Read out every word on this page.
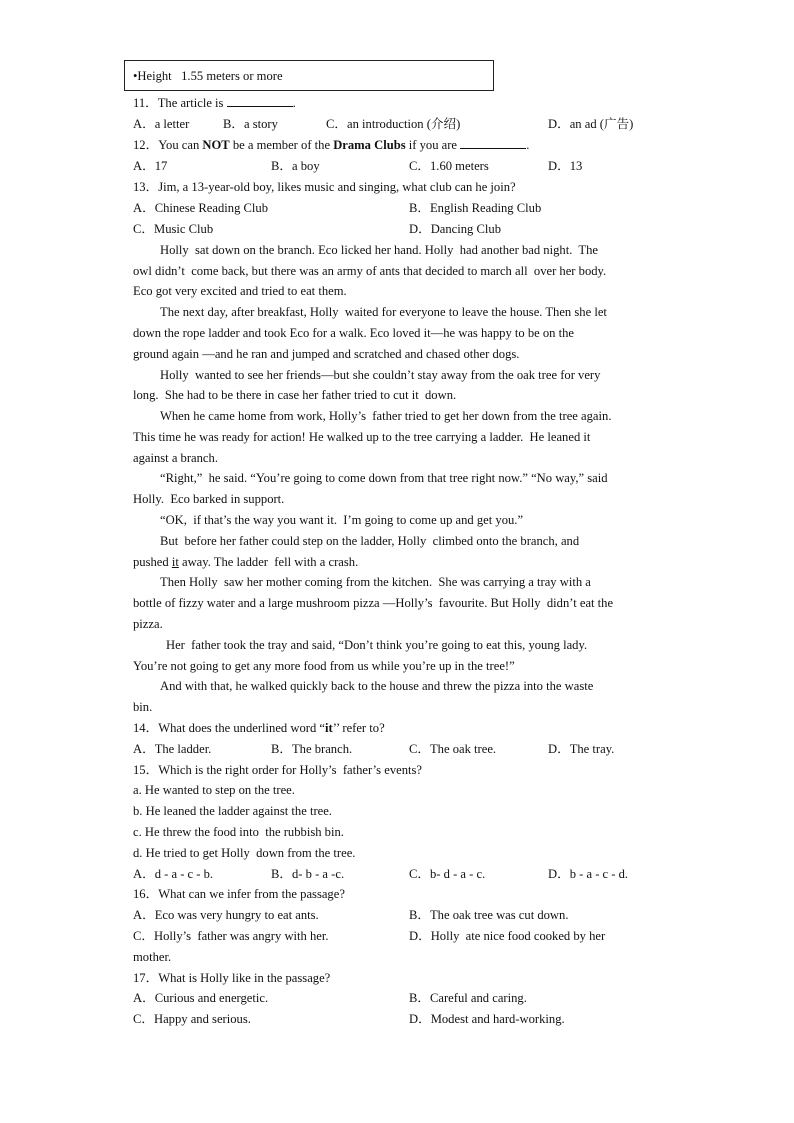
•Height   1.55 meters or more
11．The article is	.
A．a letter	B．a story	C．an introduction (介绍)	D．an ad (广告)
12．You can NOT be a member of the Drama Clubs if you are	.
A．17	B．a boy	C．1.60 meters	D．13
13．Jim, a 13-year-old boy, likes music and singing, what club can he join?
A．Chinese Reading Club	B．English Reading Club
C．Music Club	D．Dancing Club
Holly  sat down on the branch. Eco licked her hand. Holly  had another bad night.  The
owl didn’t  come back, but there was an army of ants that decided to march all  over her body.
Eco got very excited and tried to eat them.
The next day, after breakfast, Holly  waited for everyone to leave the house. Then she let
down the rope ladder and took Eco for a walk. Eco loved it—he was happy to be on the
ground again —and he ran and jumped and scratched and chased other dogs.
Holly  wanted to see her friends—but she couldn’t stay away from the oak tree for very
long.  She had to be there in case her father tried to cut it  down.
When he came home from work, Holly’s  father tried to get her down from the tree again.
This time he was ready for action! He walked up to the tree carrying a ladder.  He leaned it
against a branch.
“Right,”  he said. “You’re going to come down from that tree right now.” “No way,” said
Holly.  Eco barked in support.
“OK,  if that’s the way you want it.  I’m going to come up and get you.”
But  before her father could step on the ladder, Holly  climbed onto the branch, and
pushed it away. The ladder  fell with a crash.
Then Holly  saw her mother coming from the kitchen.  She was carrying a tray with a
bottle of fizzy water and a large mushroom pizza —Holly’s  favourite. But Holly  didn’t eat the
pizza.
Her  father took the tray and said, “Don’t think you’re going to eat this, young lady.
You’re not going to get any more food from us while you’re up in the tree!”
And with that, he walked quickly back to the house and threw the pizza into the waste
bin.
14．What does the underlined word “it’’ refer to?
A．The ladder.	B．The branch.	C．The oak tree.	D．The tray.
15．Which is the right order for Holly’s  father’s events?
a. He wanted to step on the tree.
b. He leaned the ladder against the tree.
c. He threw the food into  the rubbish bin.
d. He tried to get Holly  down from the tree.
A．d - a - c - b.	B．d- b - a -c.	C．b- d - a - c.	D．b - a - c - d.
16．What can we infer from the passage?
A．Eco was very hungry to eat ants.	B．The oak tree was cut down.
C．Holly’s  father was angry with her.	D．Holly  ate nice food cooked by her
mother.
17．What is Holly like in the passage?
A．Curious and energetic.	B．Careful and caring.
C．Happy and serious.	D．Modest and hard-working.
